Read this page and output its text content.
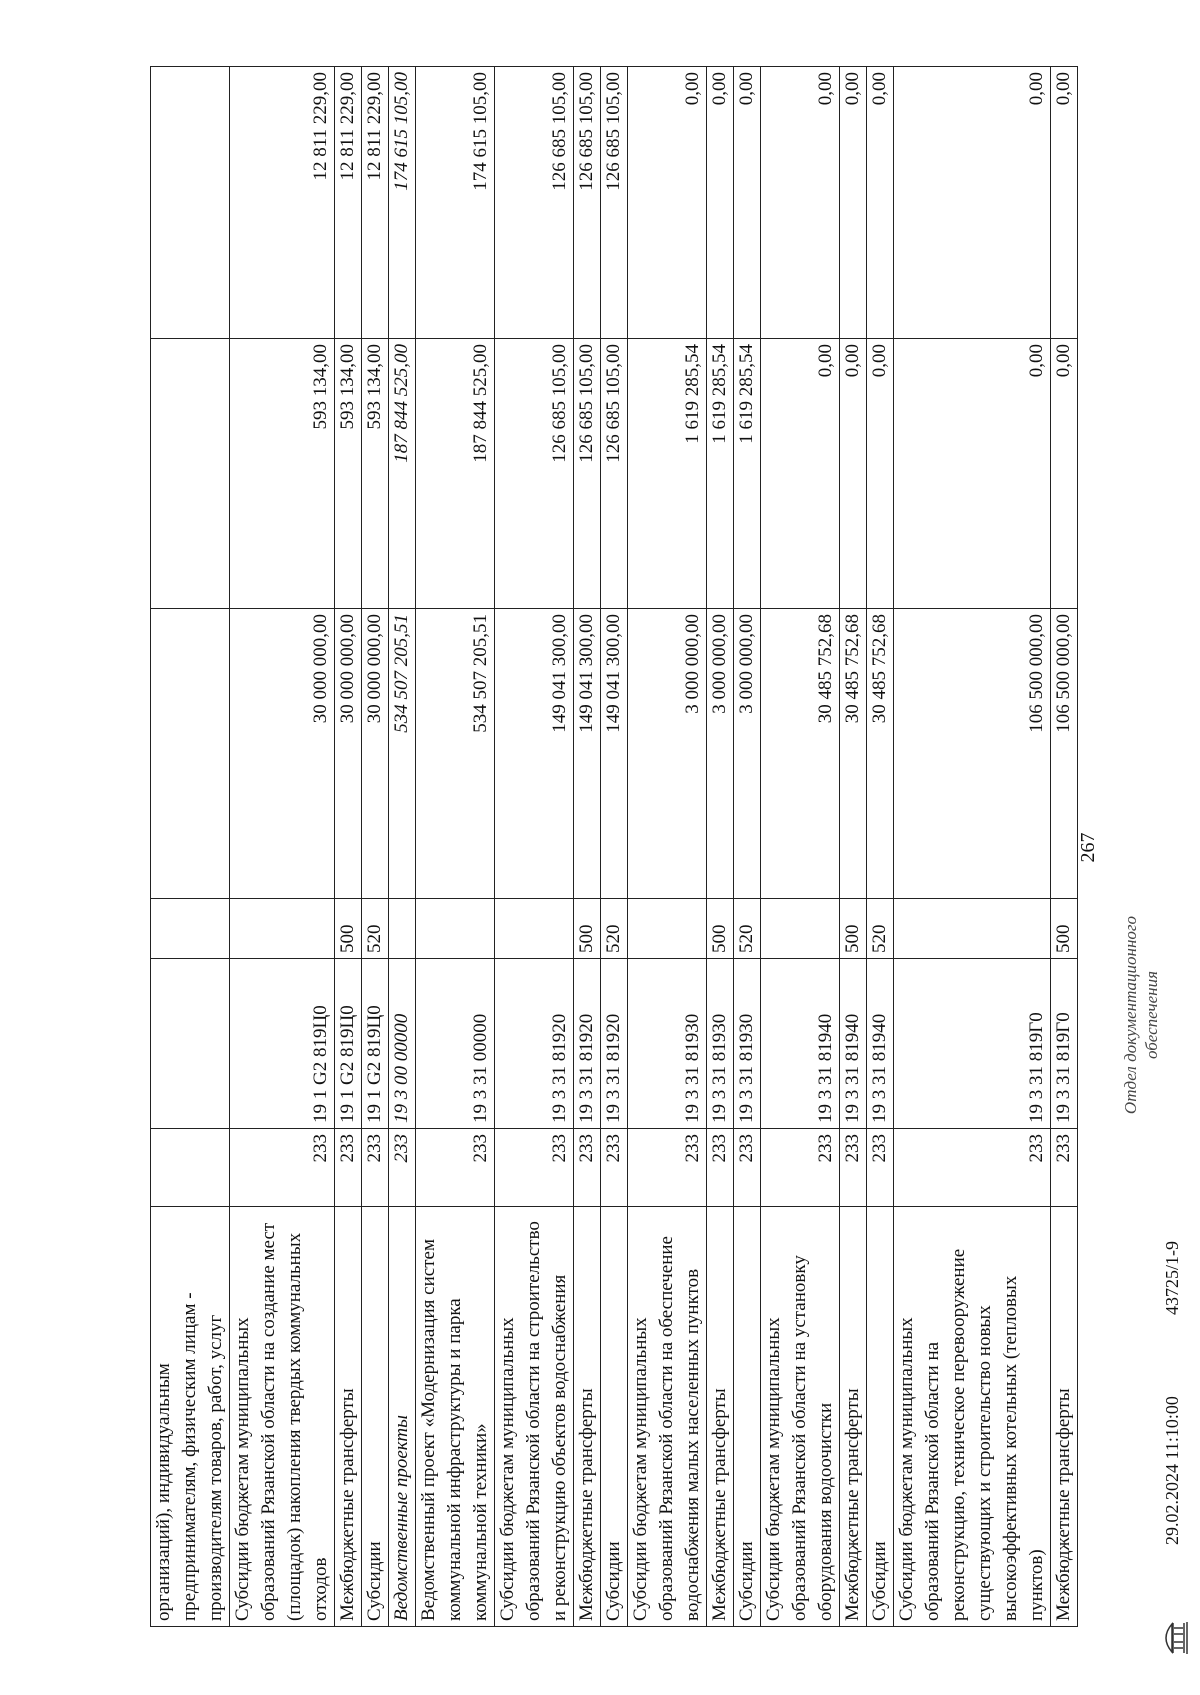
267
организаций), индивидуальным предпринимателям, физическим лицам - производителям товаров, работ, услуг						
Субсидии бюджетам муниципальных образований Рязанской области на создание мест (площадок) накопления твердых коммунальных отходов	233	19 1 G2 819Ц0		30 000 000,00	593 134,00	12 811 229,00
Межбюджетные трансферты	233	19 1 G2 819Ц0	500	30 000 000,00	593 134,00	12 811 229,00
Субсидии	233	19 1 G2 819Ц0	520	30 000 000,00	593 134,00	12 811 229,00
Ведомственные проекты	233	19 3 00 00000		534 507 205,51	187 844 525,00	174 615 105,00
Ведомственный проект «Модернизация систем коммунальной инфраструктуры и парка коммунальной техники»	233	19 3 31 00000		534 507 205,51	187 844 525,00	174 615 105,00
Субсидии бюджетам муниципальных образований Рязанской области на строительство и реконструкцию объектов водоснабжения	233	19 3 31 81920		149 041 300,00	126 685 105,00	126 685 105,00
Межбюджетные трансферты	233	19 3 31 81920	500	149 041 300,00	126 685 105,00	126 685 105,00
Субсидии	233	19 3 31 81920	520	149 041 300,00	126 685 105,00	126 685 105,00
Субсидии бюджетам муниципальных образований Рязанской области на обеспечение водоснабжения малых населенных пунктов	233	19 3 31 81930		3 000 000,00	1 619 285,54	0,00
Межбюджетные трансферты	233	19 3 31 81930	500	3 000 000,00	1 619 285,54	0,00
Субсидии	233	19 3 31 81930	520	3 000 000,00	1 619 285,54	0,00
Субсидии бюджетам муниципальных образований Рязанской области на установку оборудования водоочистки	233	19 3 31 81940		30 485 752,68	0,00	0,00
Межбюджетные трансферты	233	19 3 31 81940	500	30 485 752,68	0,00	0,00
Субсидии	233	19 3 31 81940	520	30 485 752,68	0,00	0,00
Субсидии бюджетам муниципальных образований Рязанской области на реконструкцию, техническое перевооружение существующих и строительство новых высокоэффективных котельных (тепловых пунктов)	233	19 3 31 819Г0		106 500 000,00	0,00	0,00
Межбюджетные трансферты	233	19 3 31 819Г0	500	106 500 000,00	0,00	0,00
29.02.2024 11:10:00
43725/1-9
Отдел документационного обеспечения
